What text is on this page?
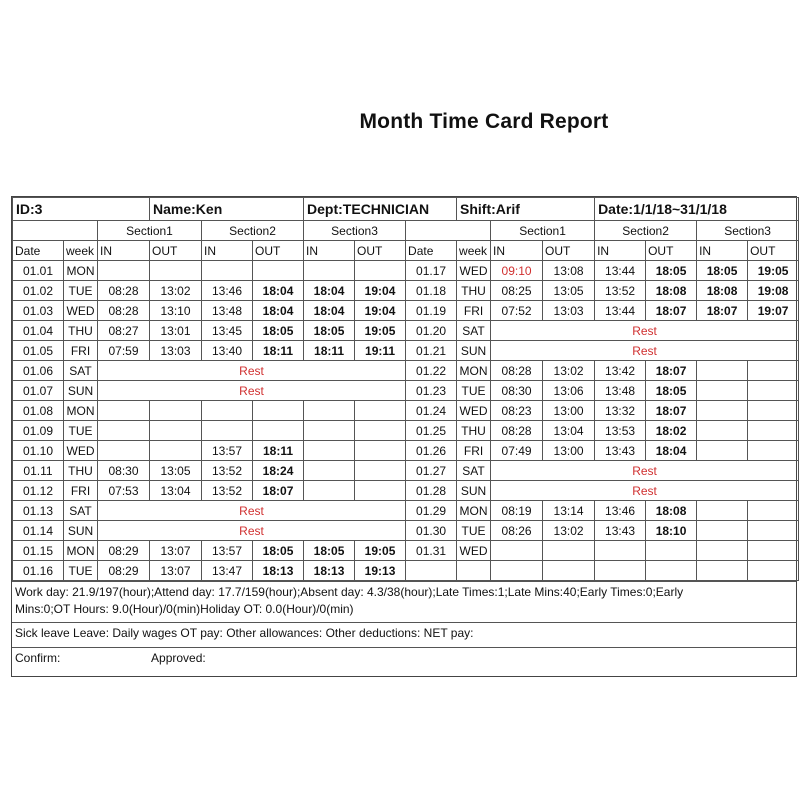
Month Time Card Report
ID:3			Name:Ken			Dept:TECHNICIAN			Shift:Arif			Date:1/1/18~31/1/18			
		Section1		Section2		Section3				Section1		Section2		Section3	
Date	week	IN	OUT	IN	OUT	IN	OUT	Date	week	IN	OUT	IN	OUT	IN	OUT
01.01	MON							01.17	WED	09:10	13:08	13:44	18:05	18:05	19:05
01.02	TUE	08:28	13:02	13:46	18:04	18:04	19:04	01.18	THU	08:25	13:05	13:52	18:08	18:08	19:08
01.03	WED	08:28	13:10	13:48	18:04	18:04	19:04	01.19	FRI	07:52	13:03	13:44	18:07	18:07	19:07
01.04	THU	08:27	13:01	13:45	18:05	18:05	19:05	01.20	SAT	Rest					
01.05	FRI	07:59	13:03	13:40	18:11	18:11	19:11	01.21	SUN	Rest					
01.06	SAT	Rest						01.22	MON	08:28	13:02	13:42	18:07		
01.07	SUN	Rest						01.23	TUE	08:30	13:06	13:48	18:05		
01.08	MON							01.24	WED	08:23	13:00	13:32	18:07		
01.09	TUE							01.25	THU	08:28	13:04	13:53	18:02		
01.10	WED			13:57	18:11			01.26	FRI	07:49	13:00	13:43	18:04		
01.11	THU	08:30	13:05	13:52	18:24			01.27	SAT	Rest					
01.12	FRI	07:53	13:04	13:52	18:07			01.28	SUN	Rest					
01.13	SAT	Rest						01.29	MON	08:19	13:14	13:46	18:08		
01.14	SUN	Rest						01.30	TUE	08:26	13:02	13:43	18:10		
01.15	MON	08:29	13:07	13:57	18:05	18:05	19:05	01.31	WED						
01.16	TUE	08:29	13:07	13:47	18:13	18:13	19:13								
Work day: 21.9/197(hour);Attend day: 17.7/159(hour);Absent day: 4.3/38(hour);Late Times:1;Late Mins:40;Early Times:0;Early
Mins:0;OT Hours: 9.0(Hour)/0(min)Holiday OT: 0.0(Hour)/0(min)
Sick leave Leave: Daily wages OT pay: Other allowances: Other deductions: NET pay:
Confirm:	Approved:
